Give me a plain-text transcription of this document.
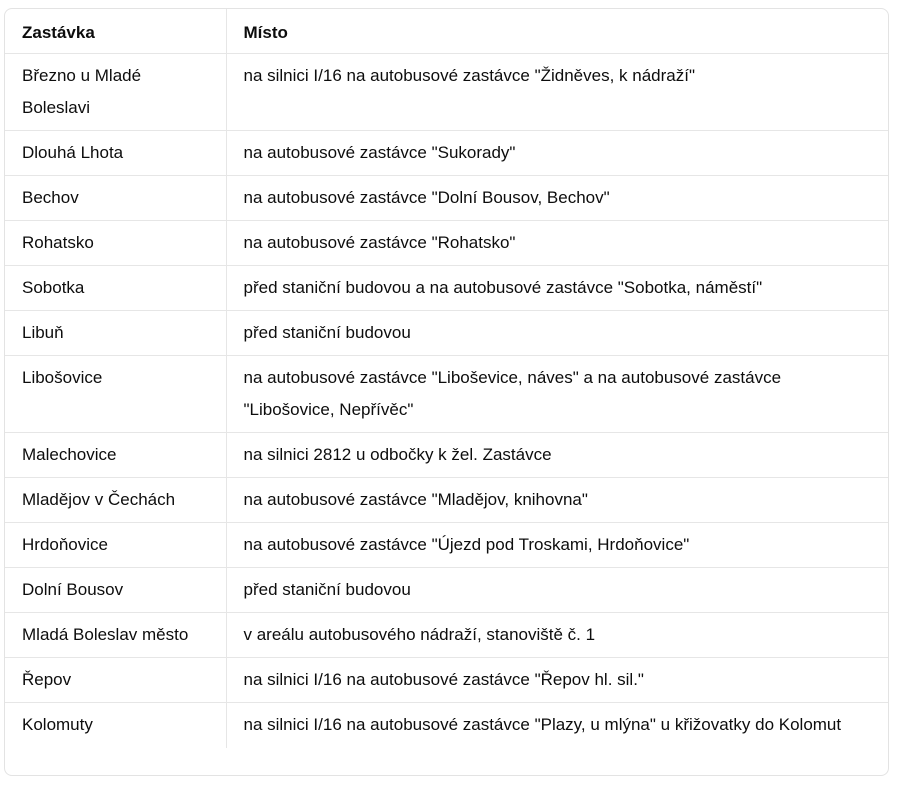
Zastávka	Místo
Březno u Mladé Boleslavi	na silnici I/16 na autobusové zastávce "Židněves, k nádraží"
Dlouhá Lhota	na autobusové zastávce "Sukorady"
Bechov	na autobusové zastávce "Dolní Bousov, Bechov"
Rohatsko	na autobusové zastávce "Rohatsko"
Sobotka	před staniční budovou a na autobusové zastávce "Sobotka, náměstí"
Libuň	před staniční budovou
Libošovice	na autobusové zastávce "Liboševice, náves" a na autobusové zastávce "Libošovice, Nepřívěc"
Malechovice	na silnici 2812 u odbočky k žel. Zastávce
Mladějov v Čechách	na autobusové zastávce "Mladějov, knihovna"
Hrdoňovice	na autobusové zastávce "Újezd pod Troskami, Hrdoňovice"
Dolní Bousov	před staniční budovou
Mladá Boleslav město	v areálu autobusového nádraží, stanoviště č. 1
Řepov	na silnici I/16 na autobusové zastávce "Řepov hl. sil."
Kolomuty	na silnici I/16 na autobusové zastávce "Plazy, u mlýna" u křižovatky do Kolomut
